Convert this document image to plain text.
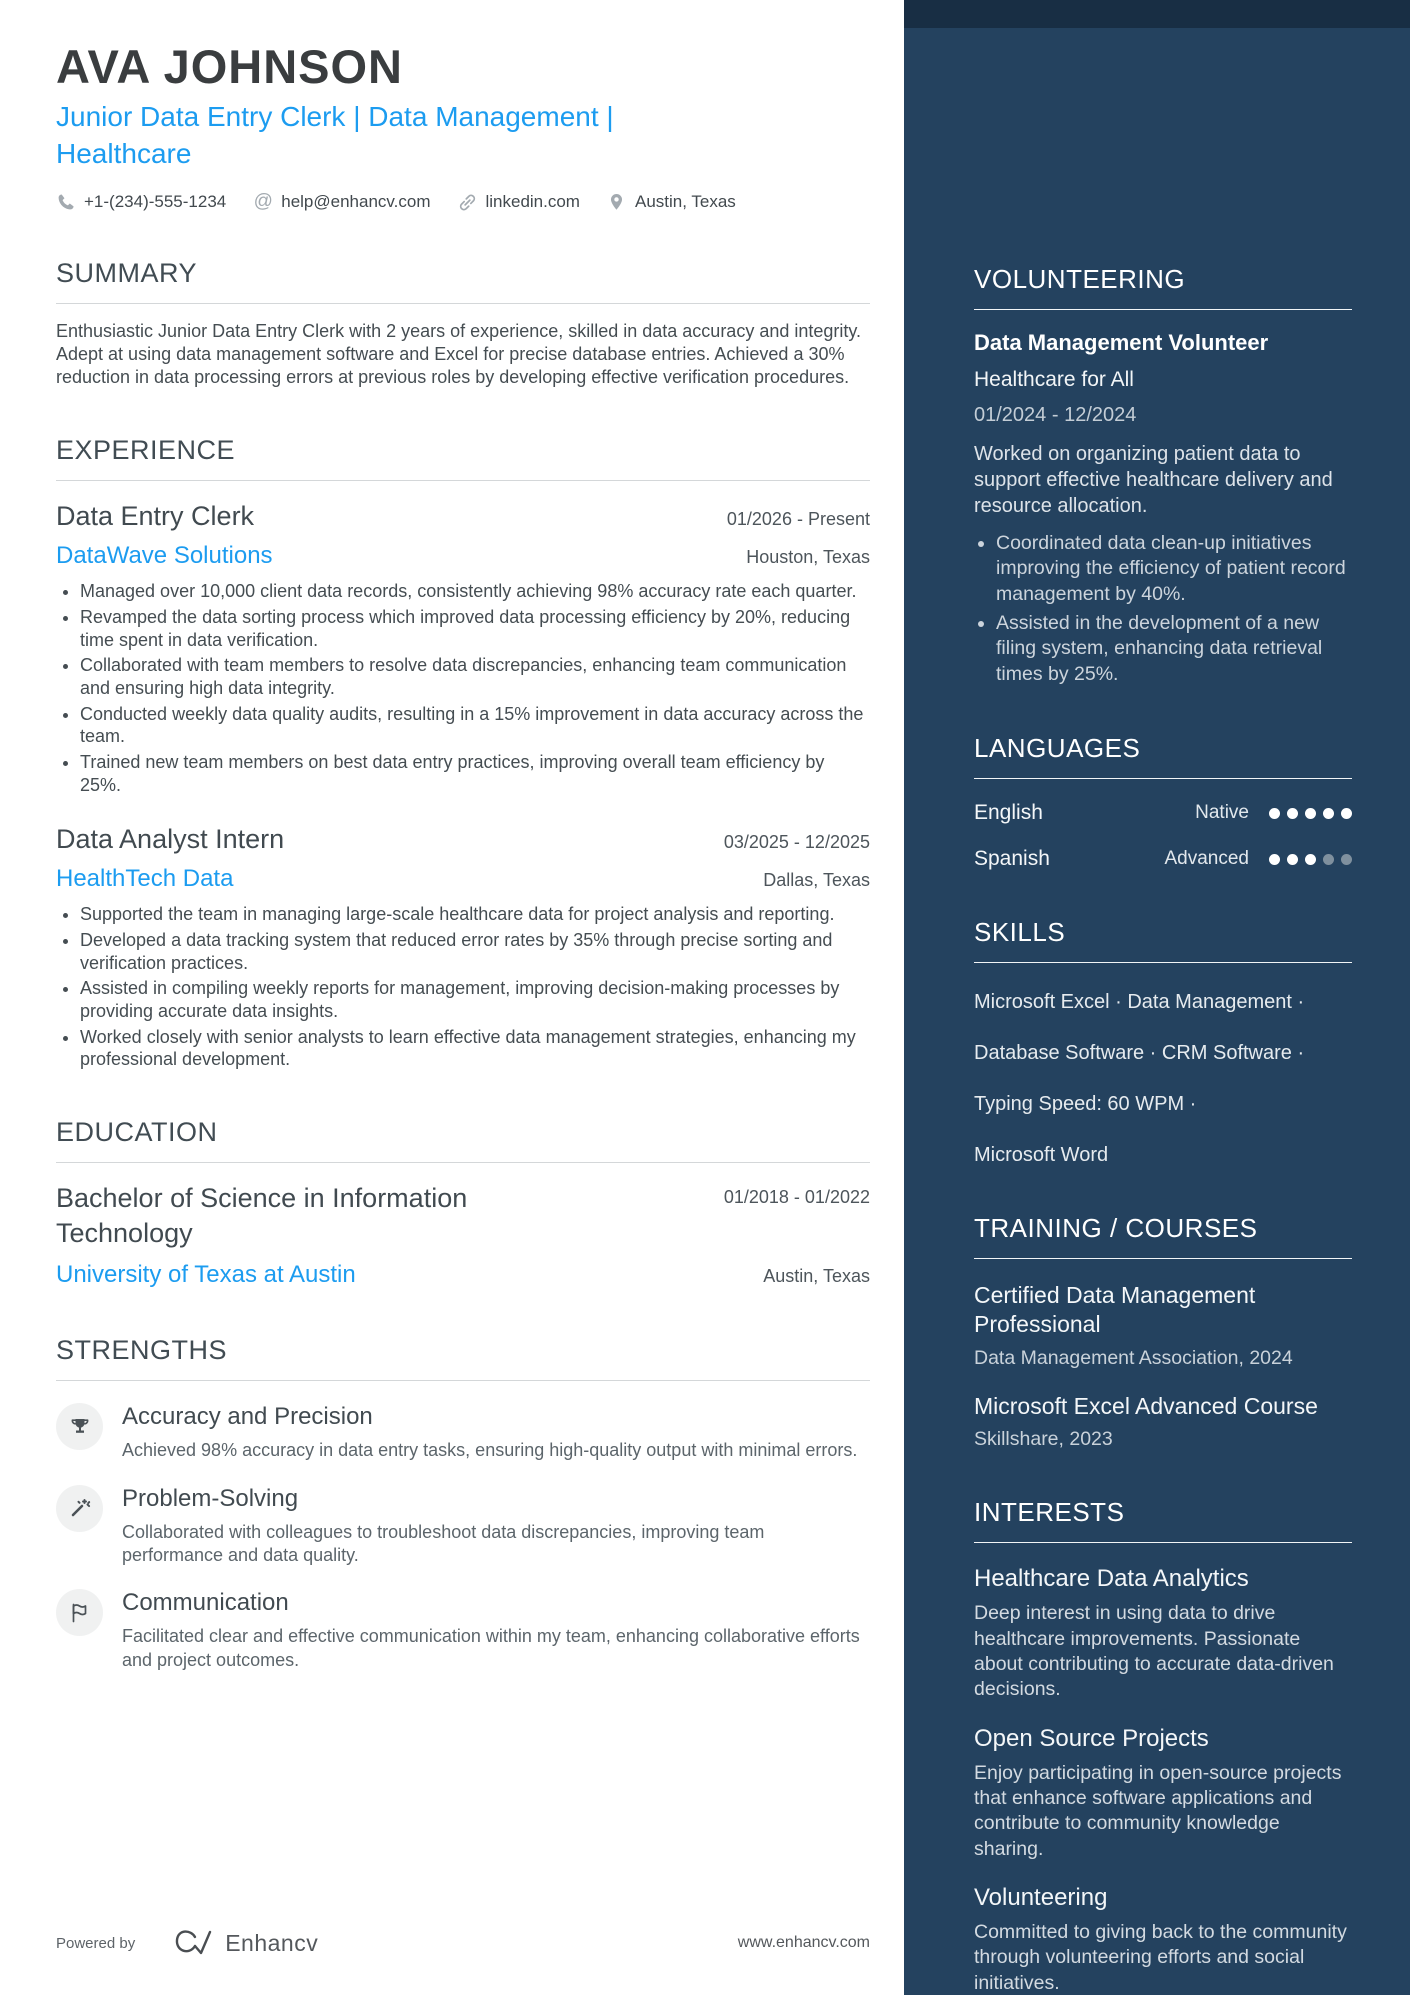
AVA JOHNSON
Junior Data Entry Clerk | Data Management | Healthcare
+1-(234)-555-1234 @ help@enhancv.com	linkedin.com	Austin, Texas
SUMMARY
Enthusiastic Junior Data Entry Clerk with 2 years of experience, skilled in data accuracy and integrity. Adept at using data management software and Excel for precise database entries. Achieved a 30% reduction in data processing errors at previous roles by developing effective verification procedures.
EXPERIENCE
Data Entry Clerk	01/2026 - Present
DataWave Solutions	Houston, Texas
• Managed over 10,000 client data records, consistently achieving 98% accuracy rate each quarter.
• Revamped the data sorting process which improved data processing efficiency by 20%, reducing time spent in data verification.
• Collaborated with team members to resolve data discrepancies, enhancing team communication and ensuring high data integrity.
• Conducted weekly data quality audits, resulting in a 15% improvement in data accuracy across the team.
• Trained new team members on best data entry practices, improving overall team efficiency by 25%.
Data Analyst Intern	03/2025 - 12/2025
HealthTech Data	Dallas, Texas
• Supported the team in managing large-scale healthcare data for project analysis and reporting.
• Developed a data tracking system that reduced error rates by 35% through precise sorting and verification practices.
• Assisted in compiling weekly reports for management, improving decision-making processes by providing accurate data insights.
• Worked closely with senior analysts to learn effective data management strategies, enhancing my professional development.
EDUCATION
Bachelor of Science in Information Technology
01/2018 - 01/2022
University of Texas at Austin	Austin, Texas
STRENGTHS
Accuracy and Precision
Achieved 98% accuracy in data entry tasks, ensuring high-quality output with minimal errors.
Problem-Solving
Collaborated with colleagues to troubleshoot data discrepancies, improving team performance and data quality.
Communication
Facilitated clear and effective communication within my team, enhancing collaborative efforts and project outcomes.
VOLUNTEERING
Data Management Volunteer
Healthcare for All
01/2024 - 12/2024
Worked on organizing patient data to support effective healthcare delivery and resource allocation.
• Coordinated data clean-up initiatives improving the efficiency of patient record management by 40%.
• Assisted in the development of a new filing system, enhancing data retrieval times by 25%.
LANGUAGES
English	Native
Spanish	Advanced
SKILLS
Microsoft Excel · Data Management ·
Database Software · CRM Software ·
Typing Speed: 60 WPM ·
Microsoft Word
TRAINING / COURSES
Certified Data Management Professional
Data Management Association, 2024
Microsoft Excel Advanced Course
Skillshare, 2023
INTERESTS
Healthcare Data Analytics
Deep interest in using data to drive healthcare improvements. Passionate about contributing to accurate data-driven decisions.
Open Source Projects
Enjoy participating in open-source projects that enhance software applications and contribute to community knowledge sharing.
Volunteering
Committed to giving back to the community through volunteering efforts and social initiatives.
Powered by	Enhancv	www.enhancv.com
